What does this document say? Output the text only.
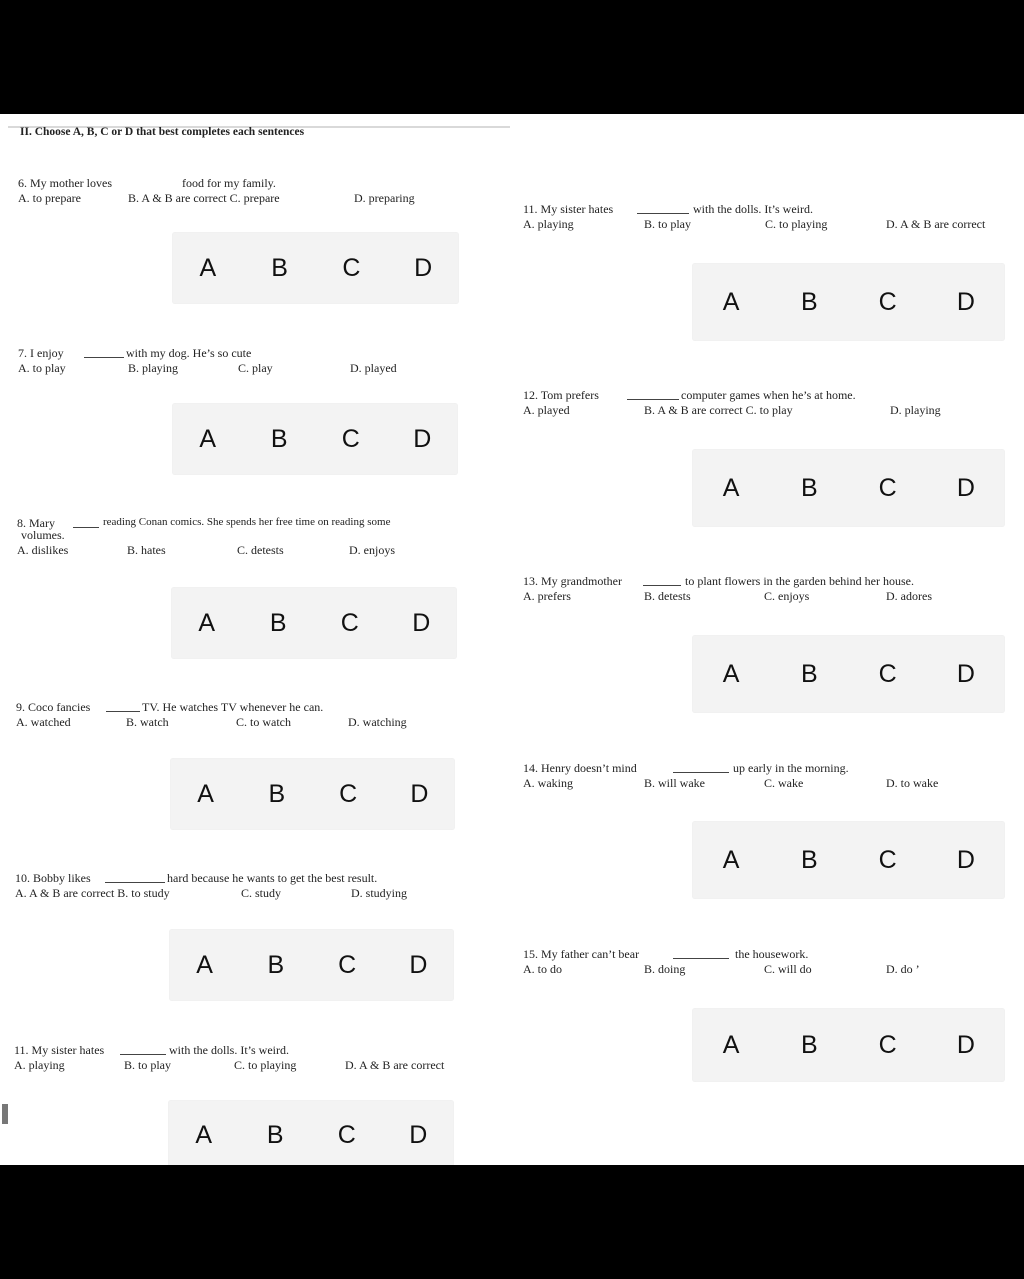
II. Choose A, B, C or D that best completes each sentences
6. My mother loves	food for my family.
A. to prepare	B. A & B are correct C. prepare	D. preparing
A	B	C	D
7. I enjoy	with my dog. He’s so cute
A. to play	B. playing	C. play	D. played
A	B	C	D
8. Mary	reading Conan comics. She spends her free time on reading some
volumes.
A. dislikes	B. hates	C. detests	D. enjoys
A	B	C	D
9. Coco fancies	TV. He watches TV whenever he can.
A. watched	B. watch	C. to watch	D. watching
A	B	C	D
10. Bobby likes	hard because he wants to get the best result.
A. A & B are correct B. to study	C. study	D. studying
A	B	C	D
11. My sister hates	with the dolls. It’s weird.
A. playing	B. to play	C. to playing	D. A & B are correct
A	B	C	D
11. My sister hates	with the dolls. It’s weird.
A. playing	B. to play	C. to playing	D. A & B are correct
A	B	C	D
12. Tom prefers	computer games when he’s at home.
A. played	B. A & B are correct C. to play	D. playing
A	B	C	D
13. My grandmother	to plant flowers in the garden behind her house.
A. prefers	B. detests	C. enjoys	D. adores
A	B	C	D
14. Henry doesn’t mind	up early in the morning.
A. waking	B. will wake	C. wake	D. to wake
A	B	C	D
15. My father can’t bear	the housework.
A. to do	B. doing	C. will do	D. do ’
A	B	C	D
